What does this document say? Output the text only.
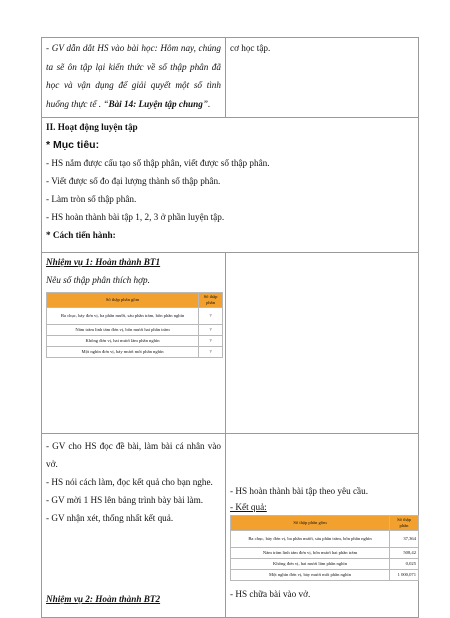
- GV dẫn dắt HS vào bài học: Hôm nay, chúng ta sẽ ôn tập lại kiến thức về số thập phân đã học và vận dụng để giải quyết một số tình huống thực tế . “Bài 14: Luyện tập chung”.

cơ học tập.

II. Hoạt động luyện tập

* Mục tiêu:

- HS nắm được cấu tạo số thập phân, viết được số thập phân.

- Viết được số đo đại lượng thành số thập phân.

- Làm tròn số thập phân.

- HS hoàn thành bài tập 1, 2, 3 ở phần luyện tập.

* Cách tiến hành:

Nhiệm vụ 1: Hoàn thành BT1

Nêu số thập phân thích hợp.

Số thập phân gồm	Số thập phân
Ba chục, bảy đơn vị, ba phần mười, sáu phần trăm, bốn phần nghìn	?
Năm trăm linh tám đơn vị, bốn mươi hai phần trăm	?
Không đơn vị, hai mươi lăm phần nghìn	?
Một nghìn đơn vị, bảy mươi mốt phần nghìn	?

- GV cho HS đọc đề bài, làm bài cá nhân vào vở.

- HS nói cách làm, đọc kết quả cho bạn nghe.

- GV mời 1 HS lên bảng trình bày bài làm.

- GV nhận xét, thống nhất kết quả.

Nhiệm vụ 2: Hoàn thành BT2

- HS hoàn thành bài tập theo yêu cầu.

- Kết quả:

Số thập phân gồm	Số thập phân
Ba chục, bảy đơn vị, ba phần mười, sáu phần trăm, bốn phần nghìn	37,364
Năm trăm linh tám đơn vị, bốn mươi hai phần trăm	508,42
Không đơn vị, hai mươi lăm phần nghìn	0,025
Một nghìn đơn vị, bảy mươi mốt phần nghìn	1 000,071

- HS chữa bài vào vở.
